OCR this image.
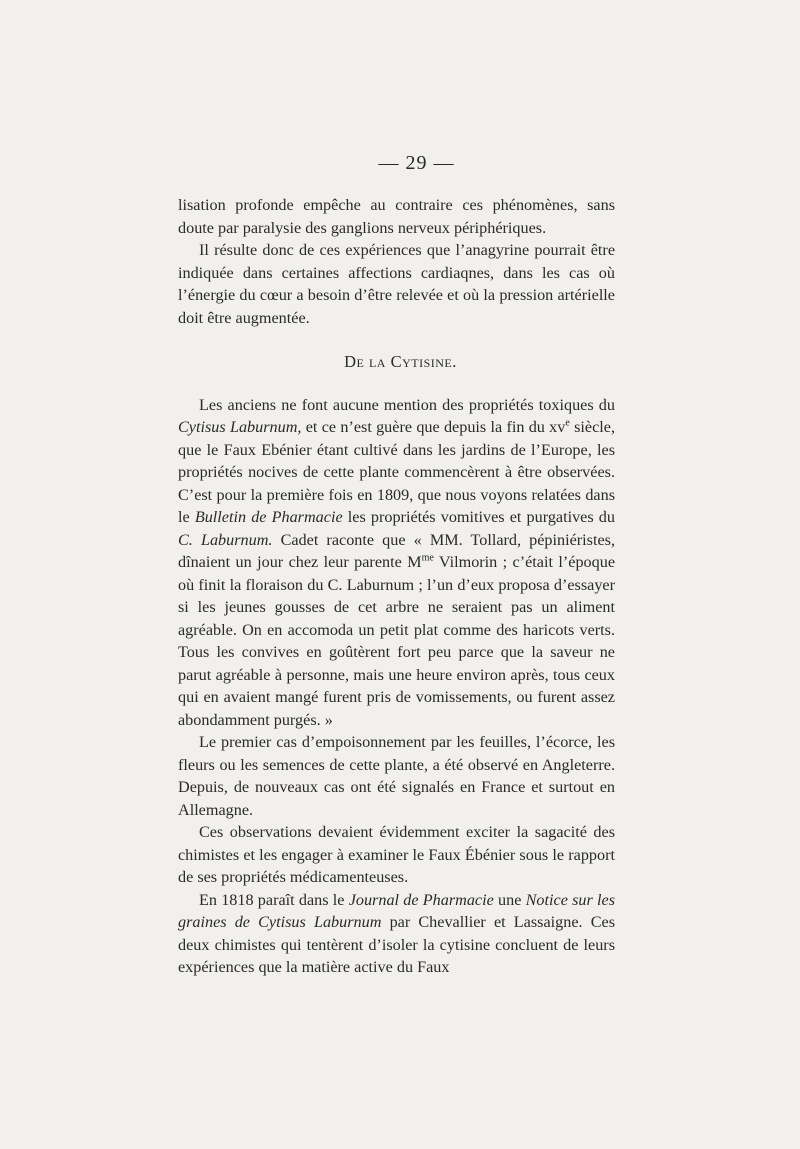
— 29 —

lisation profonde empêche au contraire ces phénomènes, sans doute par paralysie des ganglions nerveux périphériques.

Il résulte donc de ces expériences que l’anagyrine pourrait être indiquée dans certaines affections cardiaqnes, dans les cas où l’énergie du cœur a besoin d’être relevée et où la pression artérielle doit être augmentée.

De la Cytisine.

Les anciens ne font aucune mention des propriétés toxiques du Cytisus Laburnum, et ce n’est guère que depuis la fin du $xv^e$ siècle, que le Faux Ebénier étant cultivé dans les jardins de l’Europe, les propriétés nocives de cette plante commencèrent à être observées. C’est pour la première fois en 1809, que nous voyons relatées dans le Bulletin de Pharmacie les propriétés vomitives et purgatives du C. Laburnum. Cadet raconte que « MM. Tollard, pépiniéristes, dînaient un jour chez leur parente $M^{me}$ Vilmorin ; c’était l’époque où finit la floraison du C. Laburnum ; l’un d’eux proposa d’essayer si les jeunes gousses de cet arbre ne seraient pas un aliment agréable. On en accomoda un petit plat comme des haricots verts. Tous les convives en goûtèrent fort peu parce que la saveur ne parut agréable à personne, mais une heure environ après, tous ceux qui en avaient mangé furent pris de vomissements, ou furent assez abondamment purgés. »

Le premier cas d’empoisonnement par les feuilles, l’écorce, les fleurs ou les semences de cette plante, a été observé en Angleterre. Depuis, de nouveaux cas ont été signalés en France et surtout en Allemagne.

Ces observations devaient évidemment exciter la sagacité des chimistes et les engager à examiner le Faux Ébénier sous le rapport de ses propriétés médicamenteuses.

En 1818 paraît dans le Journal de Pharmacie une Notice sur les graines de Cytisus Laburnum par Chevallier et Lassaigne. Ces deux chimistes qui tentèrent d’isoler la cytisine concluent de leurs expériences que la matière active du Faux
